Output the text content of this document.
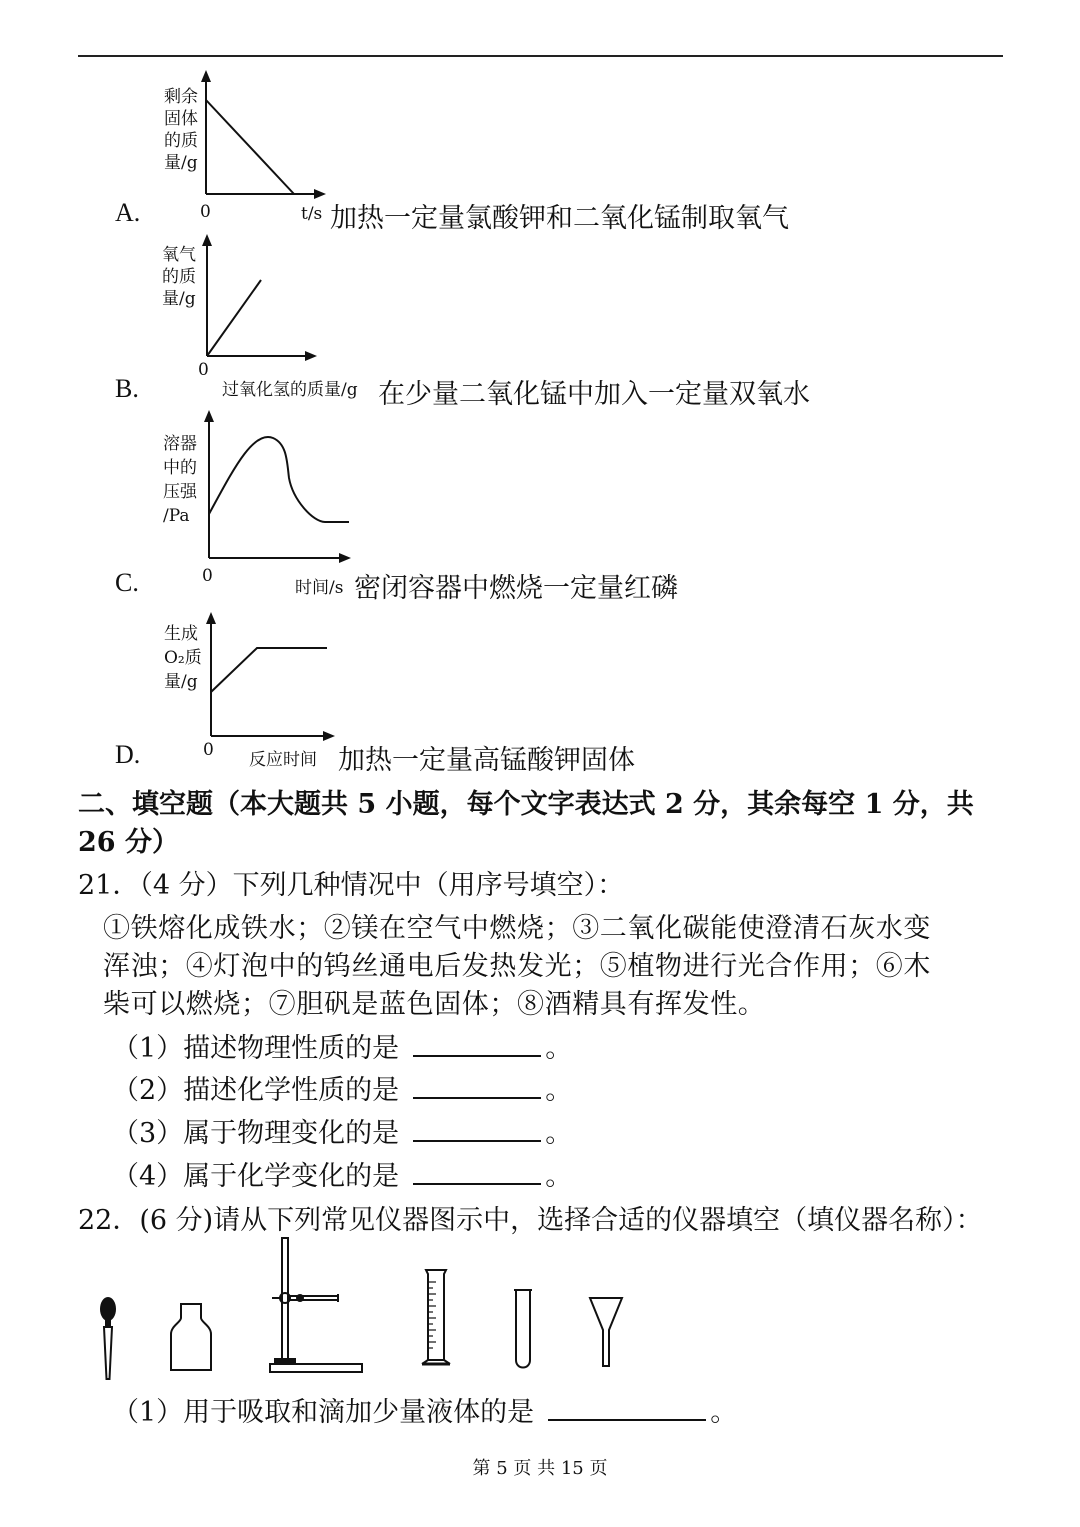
A.
剩余
固体
的质
量/g
0	t/s 加热一定量氯酸钾和二氧化锰制取氧气
B.
氧气
的质
量/g
0
过氧化氢的质量/g 在少量二氧化锰中加入一定量双氧水
C.
溶器
中的
压强
/Pa
0
时间/s 密闭容器中燃烧一定量红磷
D.
生成
O₂质
量/g
0 反应时间 加热一定量高锰酸钾固体
二、填空题（本大题共 5 小题，每个文字表达式 2 分，其余每空 1 分，共
26 分）
21．（4 分）下列几种情况中（用序号填空）：
①铁熔化成铁水；②镁在空气中燃烧；③二氧化碳能使澄清石灰水变
浑浊；④灯泡中的钨丝通电后发热发光；⑤植物进行光合作用；⑥木
柴可以燃烧；⑦胆矾是蓝色固体；⑧酒精具有挥发性。
（1）描述物理性质的是	。
（2）描述化学性质的是	。
（3）属于物理变化的是	。
（4）属于化学变化的是	。
22．(6 分)请从下列常见仪器图示中，选择合适的仪器填空（填仪器名称）：
（1）用于吸取和滴加少量液体的是	。
第 5 页 共 15 页
